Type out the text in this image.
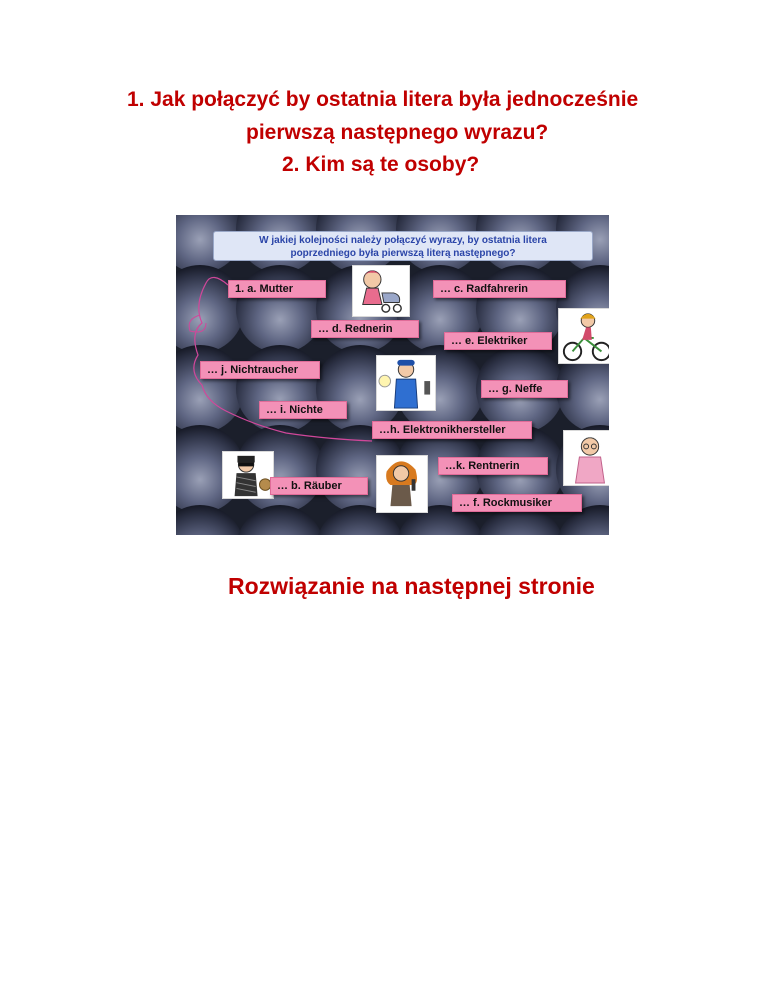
1. Jak połączyć by ostatnia litera była jednocześnie
pierwszą następnego wyrazu?
2. Kim są te osoby?
W jakiej kolejności należy połączyć wyrazy, by ostatnia litera
poprzedniego była pierwszą literą następnego?
1. a. Mutter	… c. Radfahrerin
… d. Rednerin
… e. Elektriker
… j. Nichtraucher
… g. Neffe
… i. Nichte
…h. Elektronikhersteller
…k. Rentnerin
… b. Räuber
… f. Rockmusiker
Rozwiązanie na następnej stronie
